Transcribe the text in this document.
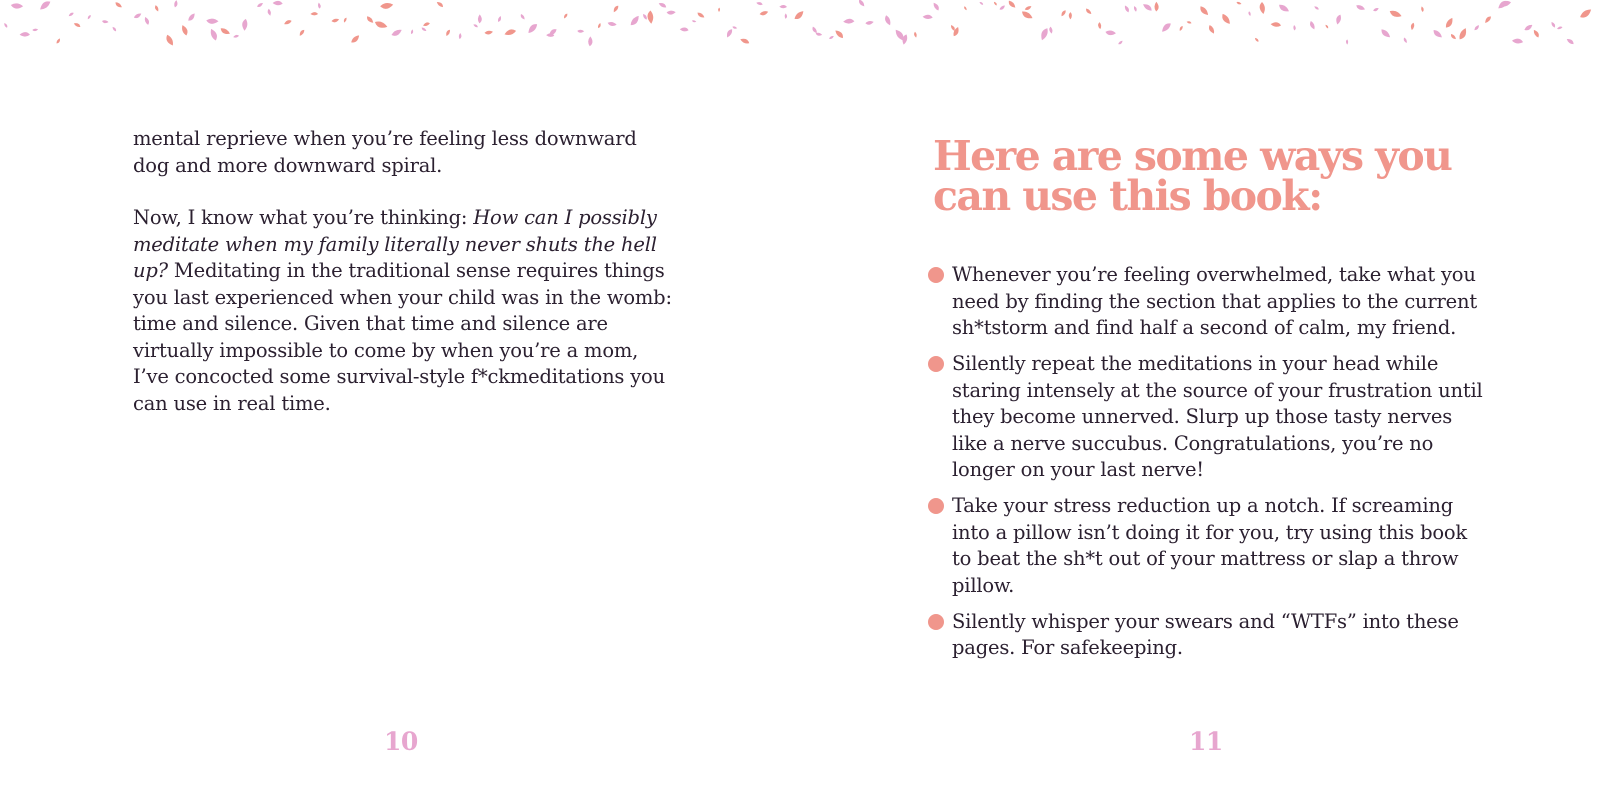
mental reprieve when you’re feeling less downward dog and more downward spiral.

Now, I know what you’re thinking: How can I possibly meditate when my family literally never shuts the hell up? Meditating in the traditional sense requires things you last experienced when your child was in the womb: time and silence. Given that time and silence are virtually impossible to come by when you’re a mom, I’ve concocted some survival-style f*ckmeditations you can use in real time.

10
Here are some ways you
can use this book:
Whenever you’re feeling overwhelmed, take what you need by finding the section that applies to the current sh*tstorm and find half a second of calm, my friend.
Silently repeat the meditations in your head while staring intensely at the source of your frustration until they become unnerved. Slurp up those tasty nerves like a nerve succubus. Congratulations, you’re no longer on your last nerve!
Take your stress reduction up a notch. If screaming into a pillow isn’t doing it for you, try using this book to beat the sh*t out of your mattress or slap a throw pillow.
Silently whisper your swears and “WTFs” into these pages. For safekeeping.
11
